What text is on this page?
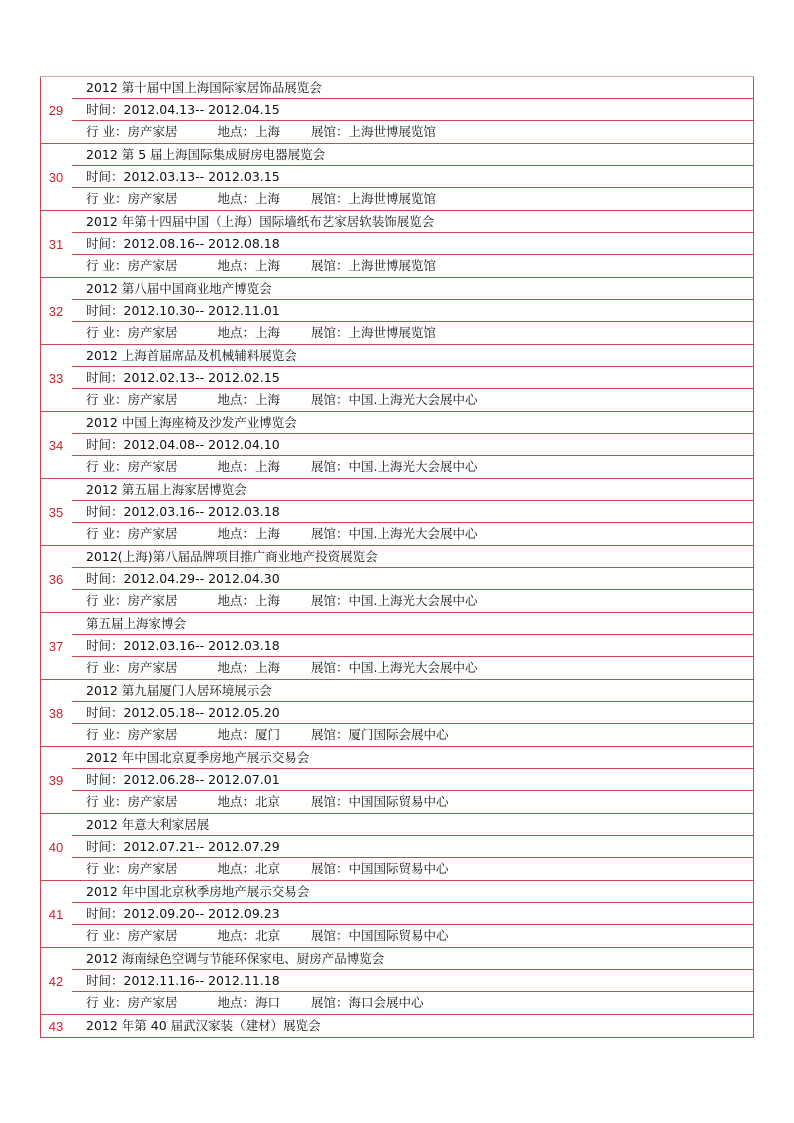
29
2012 第十届中国上海国际家居饰品展览会
时间：2012.04.13-- 2012.04.15
行 业：房产家居	地点：上海 展馆：上海世博展览馆
30
2012 第 5 届上海国际集成厨房电器展览会
时间：2012.03.13-- 2012.03.15
行 业：房产家居	地点：上海 展馆：上海世博展览馆
31
2012 年第十四届中国（上海）国际墙纸布艺家居软装饰展览会
时间：2012.08.16-- 2012.08.18
行 业：房产家居	地点：上海 展馆：上海世博展览馆
32
2012 第八届中国商业地产博览会
时间：2012.10.30-- 2012.11.01
行 业：房产家居	地点：上海 展馆：上海世博展览馆
33
2012 上海首届席品及机械辅料展览会
时间：2012.02.13-- 2012.02.15
行 业：房产家居	地点：上海 展馆：中国.上海光大会展中心
34
2012 中国上海座椅及沙发产业博览会
时间：2012.04.08-- 2012.04.10
行 业：房产家居	地点：上海 展馆：中国.上海光大会展中心
35
2012 第五届上海家居博览会
时间：2012.03.16-- 2012.03.18
行 业：房产家居	地点：上海 展馆：中国.上海光大会展中心
36
2012(上海)第八届品牌项目推广商业地产投资展览会
时间：2012.04.29-- 2012.04.30
行 业：房产家居	地点：上海 展馆：中国.上海光大会展中心
37
第五届上海家博会
时间：2012.03.16-- 2012.03.18
行 业：房产家居	地点：上海 展馆：中国.上海光大会展中心
38
2012 第九届厦门人居环境展示会
时间：2012.05.18-- 2012.05.20
行 业：房产家居	地点：厦门 展馆：厦门国际会展中心
39
2012 年中国北京夏季房地产展示交易会
时间：2012.06.28-- 2012.07.01
行 业：房产家居	地点：北京 展馆：中国国际贸易中心
40
2012 年意大利家居展
时间：2012.07.21-- 2012.07.29
行 业：房产家居	地点：北京 展馆：中国国际贸易中心
41
2012 年中国北京秋季房地产展示交易会
时间：2012.09.20-- 2012.09.23
行 业：房产家居	地点：北京 展馆：中国国际贸易中心
42
2012 海南绿色空调与节能环保家电、厨房产品博览会
时间：2012.11.16-- 2012.11.18
行 业：房产家居	地点：海口 展馆：海口会展中心
43	2012 年第 40 届武汉家装（建材）展览会
